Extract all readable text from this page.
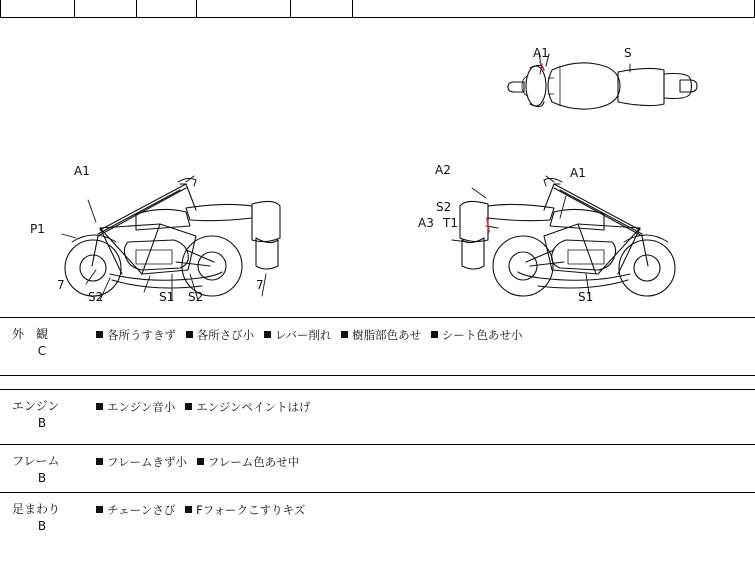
A1	S
A1
P1
7
S2	S1 S2
7
A2	A1
S2
A3 T1
S1
外　観
C
各所うすきず 各所さび小 レバー削れ 樹脂部色あせ シート色あせ小
エンジン
B
エンジン音小 エンジンペイントはげ
フレーム
B
フレームきず小 フレーム色あせ中
足まわり
B
チェーンさび Fフォークこすりキズ
